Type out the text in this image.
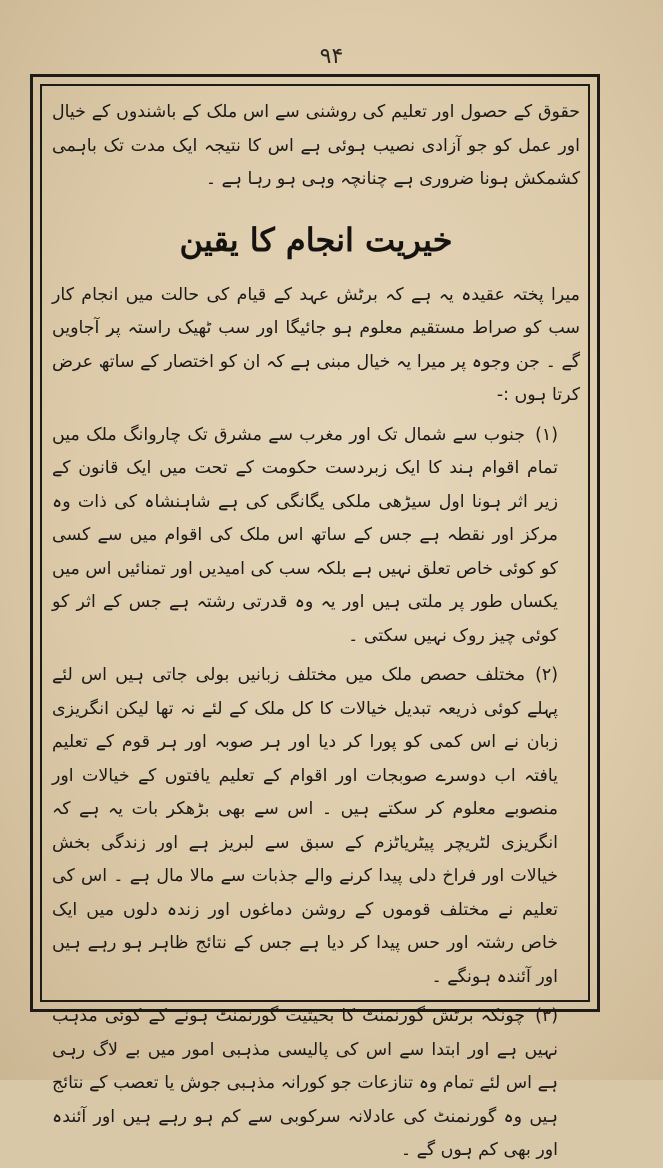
۹۴

حقوق کے حصول اور تعلیم کی روشنی سے اس ملک کے باشندوں کے خیال اور عمل کو جو آزادی نصیب ہوئی ہے اس کا نتیجہ ایک مدت تک باہمی کشمکش ہونا ضروری ہے چنانچہ وہی ہو رہا ہے ۔

خیریت انجام کا یقین

میرا پختہ عقیدہ یہ ہے کہ برٹش عہد کے قیام کی حالت میں انجام کار سب کو صراط مستقیم معلوم ہو جائیگا اور سب ٹھیک راستہ پر آجاویں گے ۔ جن وجوہ پر میرا یہ خیال مبنی ہے کہ ان کو اختصار کے ساتھ عرض کرتا ہوں :-

(۱)جنوب سے شمال تک اور مغرب سے مشرق تک چاروانگ ملک میں تمام اقوام ہند کا ایک زبردست حکومت کے تحت میں ایک قانون کے زیر اثر ہونا اول سیڑھی ملکی یگانگی کی ہے شاہنشاہ کی ذات وہ مرکز اور نقطہ ہے جس کے ساتھ اس ملک کی اقوام میں سے کسی کو کوئی خاص تعلق نہیں ہے بلکہ سب کی امیدیں اور تمنائیں اس میں یکساں طور پر ملتی ہیں اور یہ وہ قدرتی رشتہ ہے جس کے اثر کو کوئی چیز روک نہیں سکتی ۔

(۲)مختلف حصص ملک میں مختلف زبانیں بولی جاتی ہیں اس لئے پہلے کوئی ذریعہ تبدیل خیالات کا کل ملک کے لئے نہ تھا لیکن انگریزی زبان نے اس کمی کو پورا کر دیا اور ہر صوبہ اور ہر قوم کے تعلیم یافتہ اب دوسرے صوبجات اور اقوام کے تعلیم یافتوں کے خیالات اور منصوبے معلوم کر سکتے ہیں ۔ اس سے بھی بڑھکر بات یہ ہے کہ انگریزی لٹریچر پیٹریاٹزم کے سبق سے لبریز ہے اور زندگی بخش خیالات اور فراخ دلی پیدا کرنے والے جذبات سے مالا مال ہے ۔ اس کی تعلیم نے مختلف قوموں کے روشن دماغوں اور زندہ دلوں میں ایک خاص رشتہ اور حس پیدا کر دیا ہے جس کے نتائج ظاہر ہو رہے ہیں اور آئندہ ہونگے ۔

(۳)چونکہ برٹش گورنمنٹ کا بحیثیت گورنمنٹ ہونے کے کوئی مذہب نہیں ہے اور ابتدا سے اس کی پالیسی مذہبی امور میں بے لاگ رہی ہے اس لئے تمام وہ تنازعات جو کورانہ مذہبی جوش یا تعصب کے نتائج ہیں وہ گورنمنٹ کی عادلانہ سرکوبی سے کم ہو رہے ہیں اور آئندہ اور بھی کم ہوں گے ۔
